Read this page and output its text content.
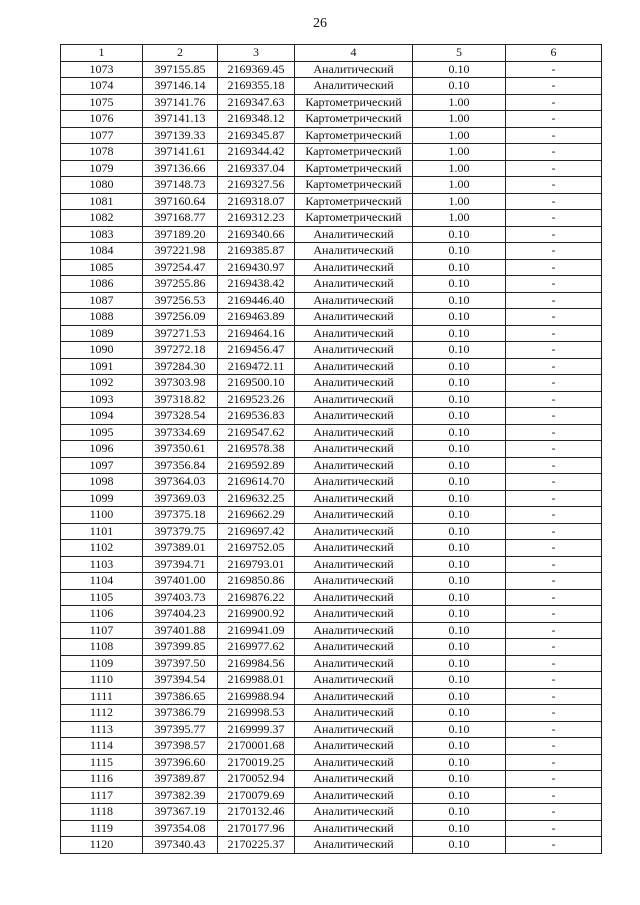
26
1	2	3	4	5	6
1073	397155.85	2169369.45	Аналитический	0.10	-
1074	397146.14	2169355.18	Аналитический	0.10	-
1075	397141.76	2169347.63	Картометрический	1.00	-
1076	397141.13	2169348.12	Картометрический	1.00	-
1077	397139.33	2169345.87	Картометрический	1.00	-
1078	397141.61	2169344.42	Картометрический	1.00	-
1079	397136.66	2169337.04	Картометрический	1.00	-
1080	397148.73	2169327.56	Картометрический	1.00	-
1081	397160.64	2169318.07	Картометрический	1.00	-
1082	397168.77	2169312.23	Картометрический	1.00	-
1083	397189.20	2169340.66	Аналитический	0.10	-
1084	397221.98	2169385.87	Аналитический	0.10	-
1085	397254.47	2169430.97	Аналитический	0.10	-
1086	397255.86	2169438.42	Аналитический	0.10	-
1087	397256.53	2169446.40	Аналитический	0.10	-
1088	397256.09	2169463.89	Аналитический	0.10	-
1089	397271.53	2169464.16	Аналитический	0.10	-
1090	397272.18	2169456.47	Аналитический	0.10	-
1091	397284.30	2169472.11	Аналитический	0.10	-
1092	397303.98	2169500.10	Аналитический	0.10	-
1093	397318.82	2169523.26	Аналитический	0.10	-
1094	397328.54	2169536.83	Аналитический	0.10	-
1095	397334.69	2169547.62	Аналитический	0.10	-
1096	397350.61	2169578.38	Аналитический	0.10	-
1097	397356.84	2169592.89	Аналитический	0.10	-
1098	397364.03	2169614.70	Аналитический	0.10	-
1099	397369.03	2169632.25	Аналитический	0.10	-
1100	397375.18	2169662.29	Аналитический	0.10	-
1101	397379.75	2169697.42	Аналитический	0.10	-
1102	397389.01	2169752.05	Аналитический	0.10	-
1103	397394.71	2169793.01	Аналитический	0.10	-
1104	397401.00	2169850.86	Аналитический	0.10	-
1105	397403.73	2169876.22	Аналитический	0.10	-
1106	397404.23	2169900.92	Аналитический	0.10	-
1107	397401.88	2169941.09	Аналитический	0.10	-
1108	397399.85	2169977.62	Аналитический	0.10	-
1109	397397.50	2169984.56	Аналитический	0.10	-
1110	397394.54	2169988.01	Аналитический	0.10	-
1111	397386.65	2169988.94	Аналитический	0.10	-
1112	397386.79	2169998.53	Аналитический	0.10	-
1113	397395.77	2169999.37	Аналитический	0.10	-
1114	397398.57	2170001.68	Аналитический	0.10	-
1115	397396.60	2170019.25	Аналитический	0.10	-
1116	397389.87	2170052.94	Аналитический	0.10	-
1117	397382.39	2170079.69	Аналитический	0.10	-
1118	397367.19	2170132.46	Аналитический	0.10	-
1119	397354.08	2170177.96	Аналитический	0.10	-
1120	397340.43	2170225.37	Аналитический	0.10	-
